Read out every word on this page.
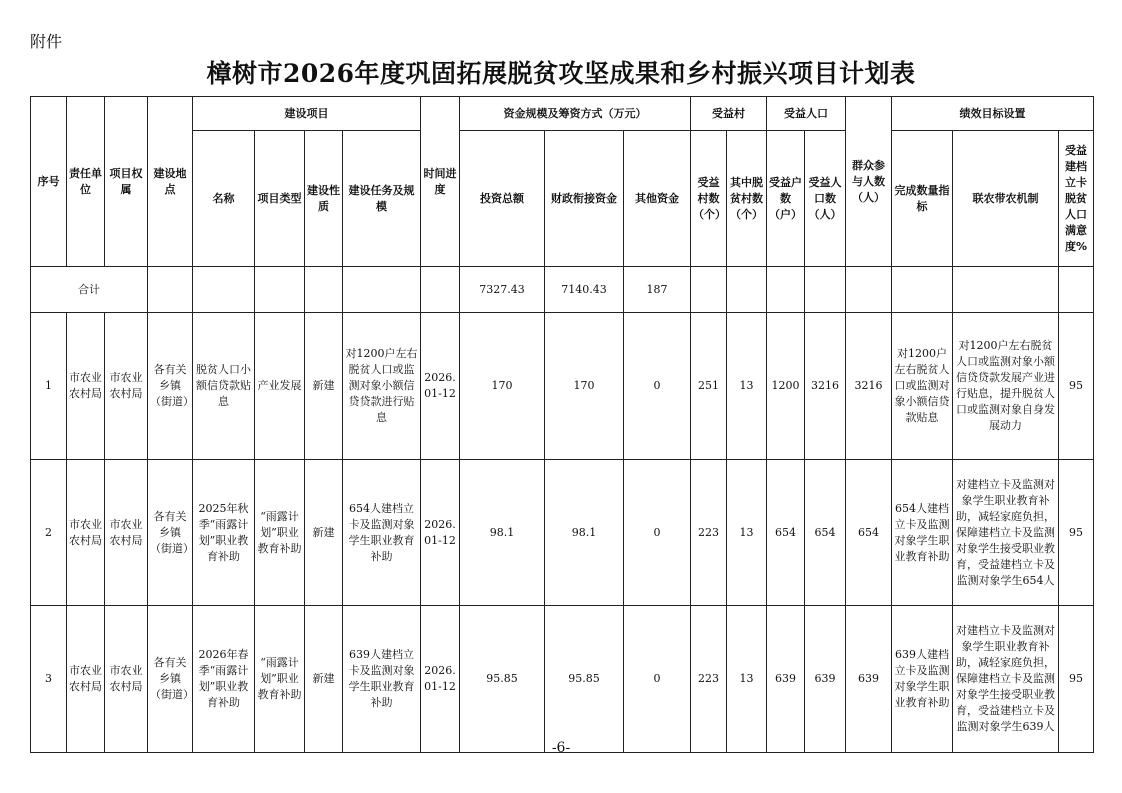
附件
樟树市2026年度巩固拓展脱贫攻坚成果和乡村振兴项目计划表
序号	责任单位	项目权属	建设地点	建设项目				时间进度	资金规模及筹资方式（万元）			受益村		受益人口		群众参与人数（人）	绩效目标设置		
				名称	项目类型	建设性质	建设任务及规模		投资总额	财政衔接资金	其他资金	受益村数（个）	其中脱贫村数（个）	受益户数（户）	受益人口数（人）		完成数量指标	联农带农机制	受益建档立卡脱贫人口满意度%
合计									7327.43	7140.43	187								
1	市农业农村局	市农业农村局	各有关乡镇（街道）	脱贫人口小额信贷款贴息	产业发展	新建	对1200户左右脱贫人口或监测对象小额信贷贷款进行贴息	2026.01-12	170	170	0	251	13	1200	3216	3216	对1200户左右脱贫人口或监测对象小额信贷款贴息	对1200户左右脱贫人口或监测对象小额信贷贷款发展产业进行贴息，提升脱贫人口或监测对象自身发展动力	95
2	市农业农村局	市农业农村局	各有关乡镇（街道）	2025年秋季“雨露计划”职业教育补助	“雨露计划”职业教育补助	新建	654人建档立卡及监测对象学生职业教育补助	2026.01-12	98.1	98.1	0	223	13	654	654	654	654人建档立卡及监测对象学生职业教育补助	对建档立卡及监测对象学生职业教育补助，减轻家庭负担，保障建档立卡及监测对象学生接受职业教育，受益建档立卡及监测对象学生654人	95
3	市农业农村局	市农业农村局	各有关乡镇（街道）	2026年春季“雨露计划”职业教育补助	“雨露计划”职业教育补助	新建	639人建档立卡及监测对象学生职业教育补助	2026.01-12	95.85	95.85	0	223	13	639	639	639	639人建档立卡及监测对象学生职业教育补助	对建档立卡及监测对象学生职业教育补助，减轻家庭负担，保障建档立卡及监测对象学生接受职业教育，受益建档立卡及监测对象学生639人	95
-6-
